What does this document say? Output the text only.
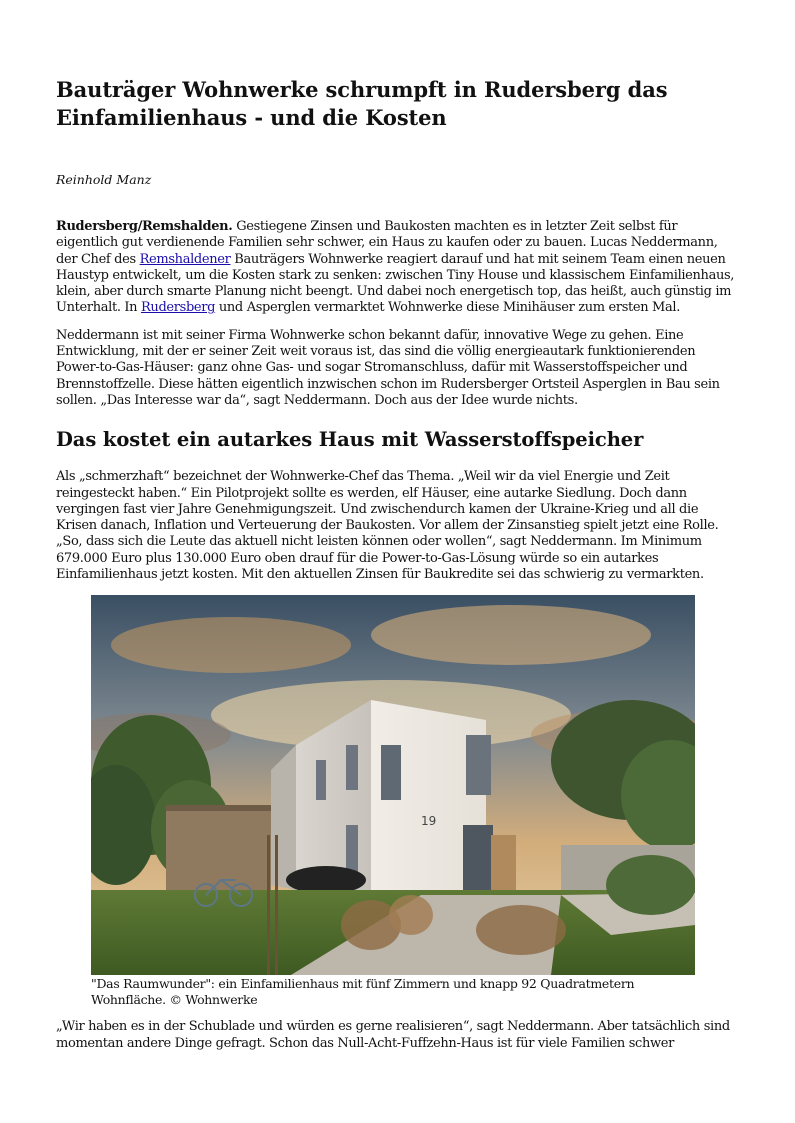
Bauträger Wohnwerke schrumpft in Rudersberg das Einfamilienhaus - und die Kosten
Reinhold Manz

Rudersberg/Remshalden. Gestiegene Zinsen und Baukosten machten es in letzter Zeit selbst für eigentlich gut verdienende Familien sehr schwer, ein Haus zu kaufen oder zu bauen. Lucas Neddermann, der Chef des Remshaldener Bauträgers Wohnwerke reagiert darauf und hat mit seinem Team einen neuen Haustyp entwickelt, um die Kosten stark zu senken: zwischen Tiny House und klassischem Einfamilienhaus, klein, aber durch smarte Planung nicht beengt. Und dabei noch energetisch top, das heißt, auch günstig im Unterhalt. In Rudersberg und Asperglen vermarktet Wohnwerke diese Minihäuser zum ersten Mal.

Neddermann ist mit seiner Firma Wohnwerke schon bekannt dafür, innovative Wege zu gehen. Eine Entwicklung, mit der er seiner Zeit weit voraus ist, das sind die völlig energieautark funktionierenden Power-to-Gas-Häuser: ganz ohne Gas- und sogar Stromanschluss, dafür mit Wasserstoffspeicher und Brennstoffzelle. Diese hätten eigentlich inzwischen schon im Rudersberger Ortsteil Asperglen in Bau sein sollen. „Das Interesse war da“, sagt Neddermann. Doch aus der Idee wurde nichts.

Das kostet ein autarkes Haus mit Wasserstoffspeicher

Als „schmerzhaft“ bezeichnet der Wohnwerke-Chef das Thema. „Weil wir da viel Energie und Zeit reingesteckt haben.“ Ein Pilotprojekt sollte es werden, elf Häuser, eine autarke Siedlung. Doch dann vergingen fast vier Jahre Genehmigungszeit. Und zwischendurch kamen der Ukraine-Krieg und all die Krisen danach, Inflation und Verteuerung der Baukosten. Vor allem der Zinsanstieg spielt jetzt eine Rolle. „So, dass sich die Leute das aktuell nicht leisten können oder wollen“, sagt Neddermann. Im Minimum 679.000 Euro plus 130.000 Euro oben drauf für die Power-to-Gas-Lösung würde so ein autarkes Einfamilienhaus jetzt kosten. Mit den aktuellen Zinsen für Baukredite sei das schwierig zu vermarkten.

19
"Das Raumwunder": ein Einfamilienhaus mit fünf Zimmern und knapp 92 Quadratmetern Wohnfläche. © Wohnwerke

„Wir haben es in der Schublade und würden es gerne realisieren“, sagt Neddermann. Aber tatsächlich sind momentan andere Dinge gefragt. Schon das Null-Acht-Fuffzehn-Haus ist für viele Familien schwer
